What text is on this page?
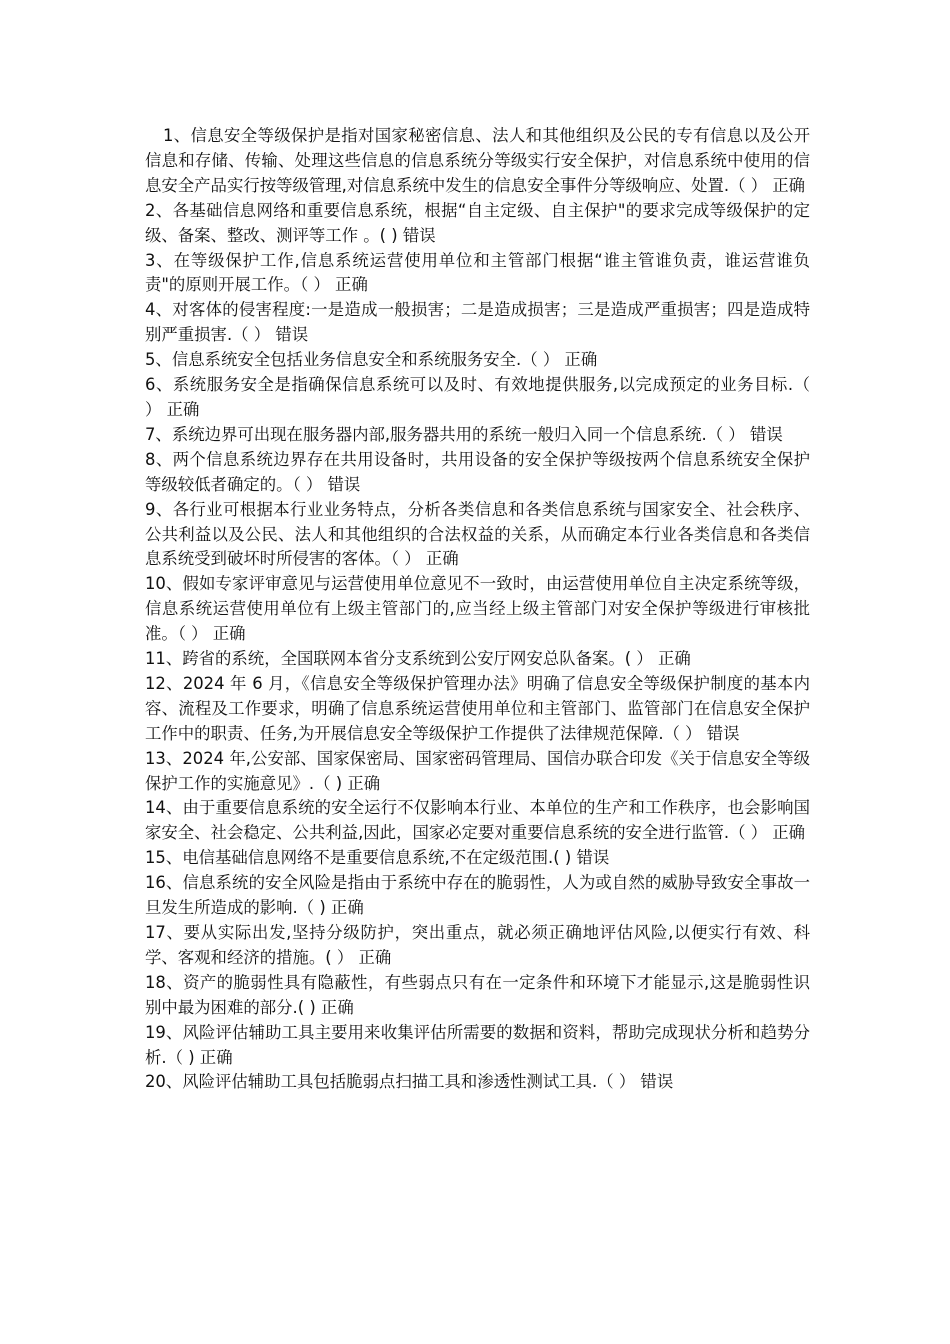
1、信息安全等级保护是指对国家秘密信息、法人和其他组织及公民的专有信息以及公开信息和存储、传输、处理这些信息的信息系统分等级实行安全保护，对信息系统中使用的信息安全产品实行按等级管理,对信息系统中发生的信息安全事件分等级响应、处置.（ ） 正确

2、各基础信息网络和重要信息系统，根据“自主定级、自主保护"的要求完成等级保护的定级、备案、整改、测评等工作 。( ) 错误

3、在等级保护工作,信息系统运营使用单位和主管部门根据“谁主管谁负责，谁运营谁负责"的原则开展工作。（ ） 正确

4、对客体的侵害程度:一是造成一般损害；二是造成损害；三是造成严重损害；四是造成特别严重损害.（ ） 错误

5、信息系统安全包括业务信息安全和系统服务安全.（ ） 正确

6、系统服务安全是指确保信息系统可以及时、有效地提供服务,以完成预定的业务目标.（ ） 正确

7、系统边界可出现在服务器内部,服务器共用的系统一般归入同一个信息系统.（ ） 错误

8、两个信息系统边界存在共用设备时，共用设备的安全保护等级按两个信息系统安全保护等级较低者确定的。（ ） 错误

9、各行业可根据本行业业务特点，分析各类信息和各类信息系统与国家安全、社会秩序、公共利益以及公民、法人和其他组织的合法权益的关系，从而确定本行业各类信息和各类信息系统受到破坏时所侵害的客体。（ ） 正确

10、假如专家评审意见与运营使用单位意见不一致时，由运营使用单位自主决定系统等级，信息系统运营使用单位有上级主管部门的,应当经上级主管部门对安全保护等级进行审核批准。（ ） 正确

11、跨省的系统，全国联网本省分支系统到公安厅网安总队备案。( ） 正确

12、2024 年 6 月，《信息安全等级保护管理办法》明确了信息安全等级保护制度的基本内容、流程及工作要求，明确了信息系统运营使用单位和主管部门、监管部门在信息安全保护工作中的职责、任务,为开展信息安全等级保护工作提供了法律规范保障.（ ） 错误

13、2024 年,公安部、国家保密局、国家密码管理局、国信办联合印发《关于信息安全等级保护工作的实施意见》.（ ) 正确

14、由于重要信息系统的安全运行不仅影响本行业、本单位的生产和工作秩序，也会影响国家安全、社会稳定、公共利益,因此，国家必定要对重要信息系统的安全进行监管.（ ） 正确

15、电信基础信息网络不是重要信息系统,不在定级范围.( ) 错误

16、信息系统的安全风险是指由于系统中存在的脆弱性，人为或自然的威胁导致安全事故一旦发生所造成的影响.（ ) 正确

17、要从实际出发,坚持分级防护，突出重点，就必须正确地评估风险,以便实行有效、科学、客观和经济的措施。( ） 正确

18、资产的脆弱性具有隐蔽性，有些弱点只有在一定条件和环境下才能显示,这是脆弱性识别中最为困难的部分.( ) 正确

19、风险评估辅助工具主要用来收集评估所需要的数据和资料，帮助完成现状分析和趋势分析.（ ) 正确

20、风险评估辅助工具包括脆弱点扫描工具和渗透性测试工具.（ ） 错误
